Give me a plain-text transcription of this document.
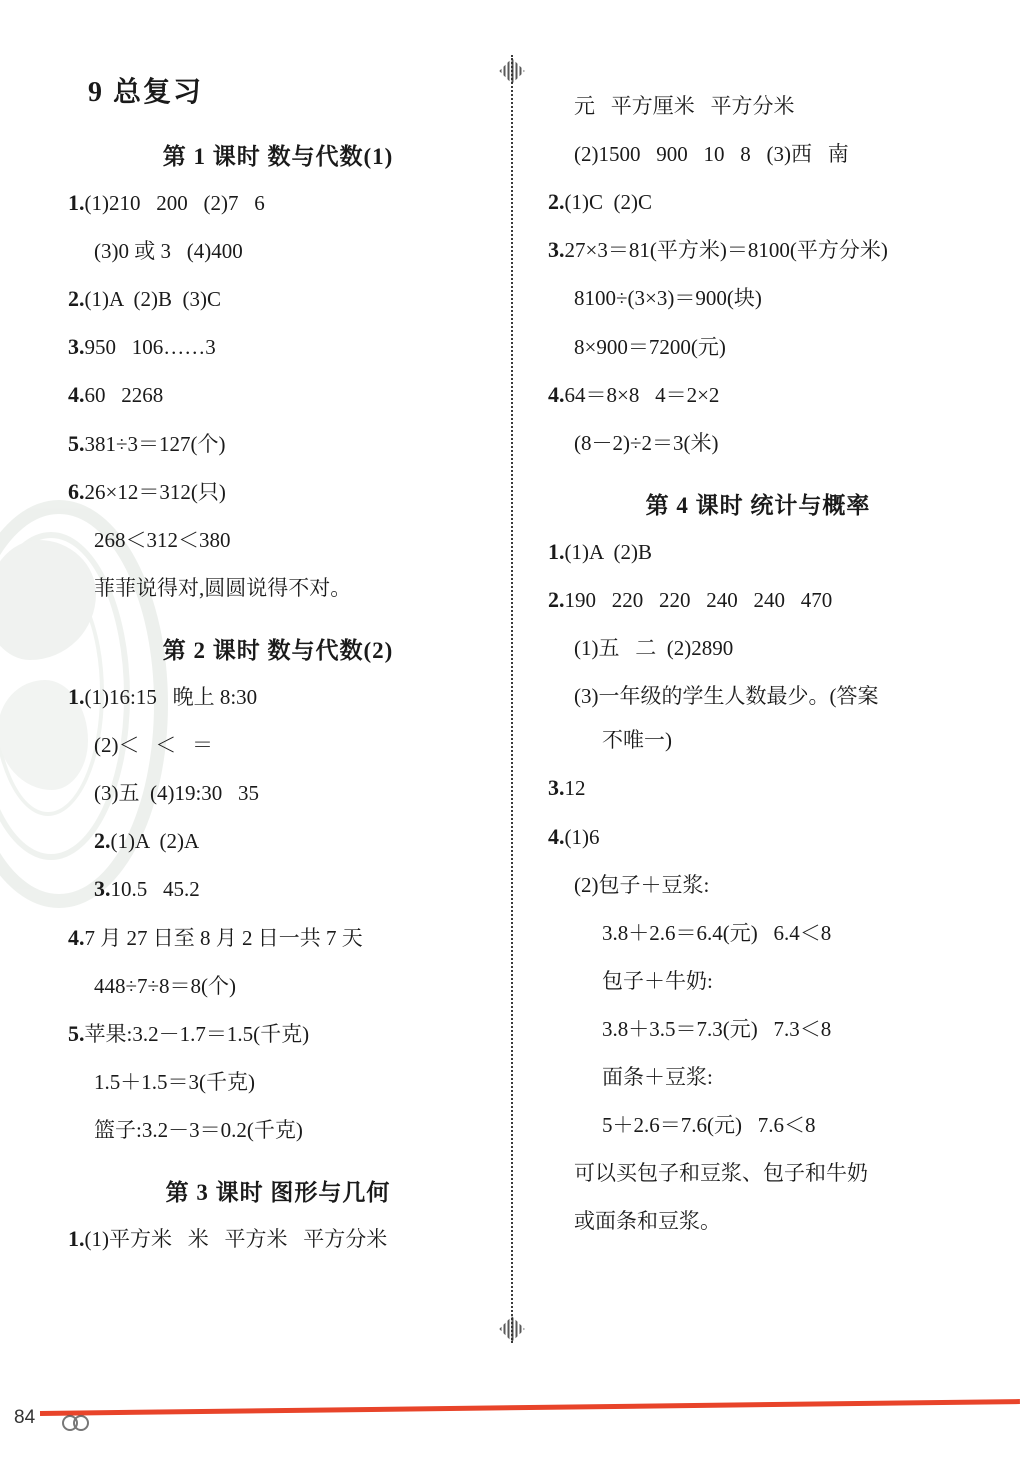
9 总复习
第 1 课时 数与代数(1)

1.(1)210   200   (2)7   6

(3)0 或 3   (4)400

2.(1)A  (2)B  (3)C

3.950   106……3

4.60   2268

5.381÷3＝127(个)

6.26×12＝312(只)

268＜312＜380

菲菲说得对,圆圆说得不对。

第 2 课时 数与代数(2)

1.(1)16:15   晚上 8:30

(2)＜   ＜   ＝

(3)五  (4)19:30   35

2.(1)A  (2)A

3.10.5   45.2

4.7 月 27 日至 8 月 2 日一共 7 天

448÷7÷8＝8(个)

5.苹果:3.2－1.7＝1.5(千克)

1.5＋1.5＝3(千克)

篮子:3.2－3＝0.2(千克)

第 3 课时 图形与几何

1.(1)平方米   米   平方米   平方分米

元   平方厘米   平方分米

(2)1500   900   10   8   (3)西   南

2.(1)C  (2)C

3.27×3＝81(平方米)＝8100(平方分米)

8100÷(3×3)＝900(块)

8×900＝7200(元)

4.64＝8×8   4＝2×2

(8－2)÷2＝3(米)

第 4 课时 统计与概率

1.(1)A  (2)B

2.190   220   220   240   240   470

(1)五   二  (2)2890

(3)一年级的学生人数最少。(答案

不唯一)

3.12

4.(1)6

(2)包子＋豆浆:

3.8＋2.6＝6.4(元)   6.4＜8

包子＋牛奶:

3.8＋3.5＝7.3(元)   7.3＜8

面条＋豆浆:

5＋2.6＝7.6(元)   7.6＜8

可以买包子和豆浆、包子和牛奶

或面条和豆浆。

84
